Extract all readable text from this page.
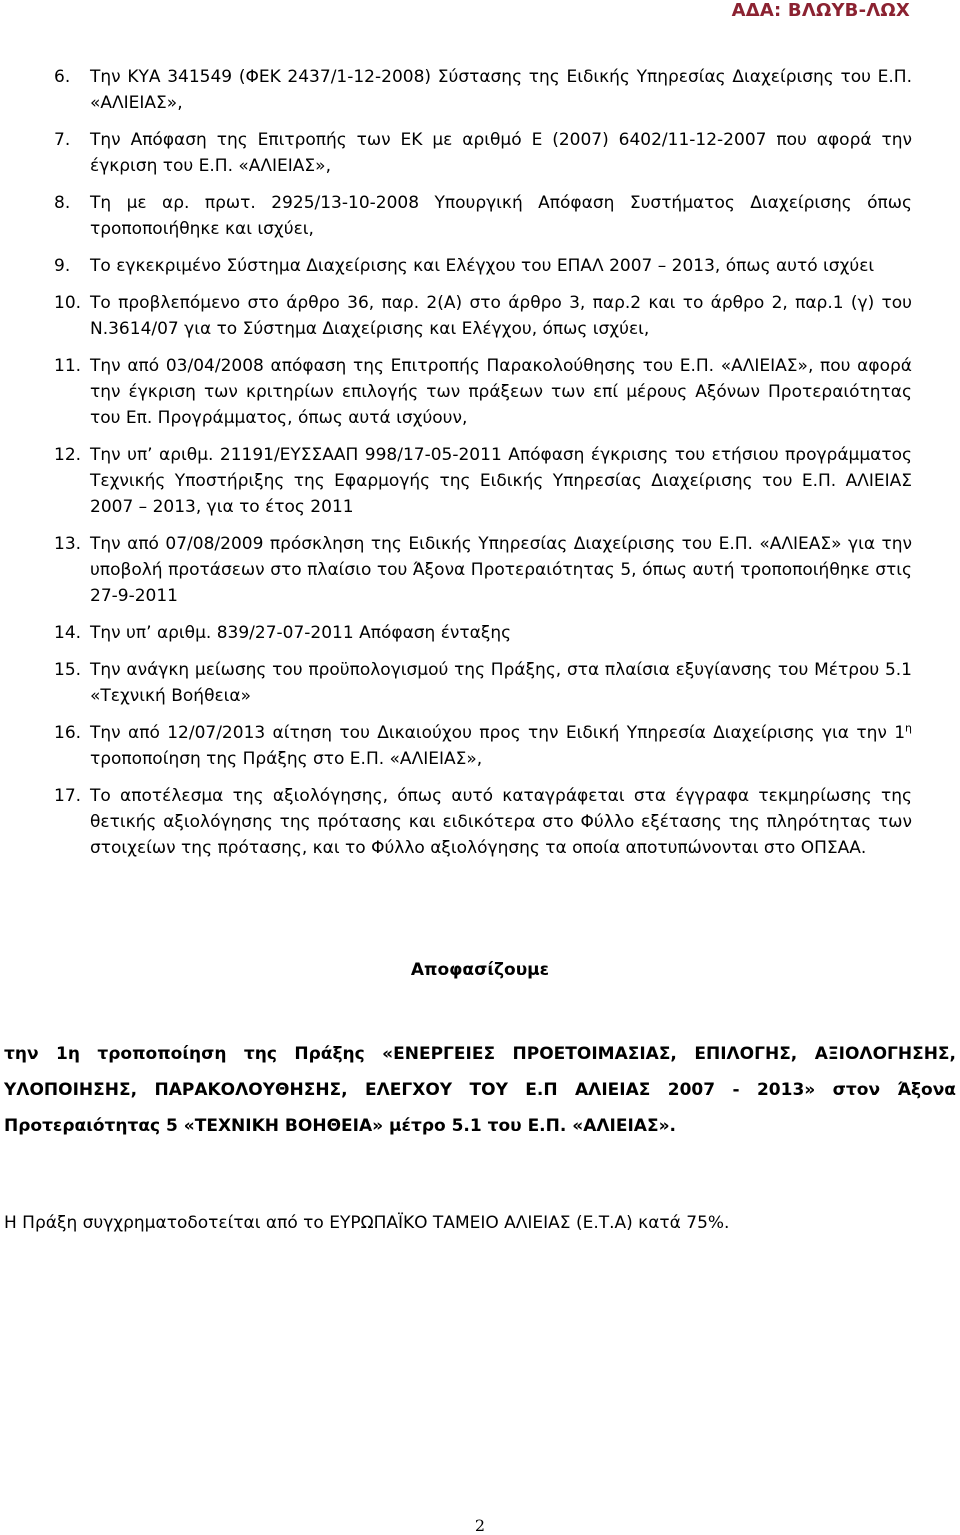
ΑΔΑ: ΒΛΩΥΒ-ΛΩΧ
6.	Την ΚΥΑ 341549 (ΦΕΚ 2437/1-12-2008) Σύστασης της Ειδικής Υπηρεσίας Διαχείρισης του Ε.Π. «ΑΛΙΕΙΑΣ»,
7.	Την Απόφαση της Επιτροπής των ΕΚ με αριθμό Ε (2007) 6402/11-12-2007 που αφορά την έγκριση του Ε.Π. «ΑΛΙΕΙΑΣ»,
8.	Τη με αρ. πρωτ. 2925/13-10-2008 Υπουργική Απόφαση Συστήματος Διαχείρισης όπως τροποποιήθηκε και ισχύει,
9.	Το εγκεκριμένο Σύστημα Διαχείρισης και Ελέγχου του ΕΠΑΛ 2007 – 2013, όπως αυτό ισχύει
10. Το προβλεπόμενο στο άρθρο 36, παρ. 2(Α) στο άρθρο 3, παρ.2 και το άρθρο 2, παρ.1 (γ) του Ν.3614/07 για το Σύστημα Διαχείρισης και Ελέγχου, όπως ισχύει,
11. Την από 03/04/2008 απόφαση της Επιτροπής Παρακολούθησης του Ε.Π. «ΑΛΙΕΙΑΣ», που αφορά την έγκριση των κριτηρίων επιλογής των πράξεων των επί μέρους Αξόνων Προτεραιότητας του Επ. Προγράμματος, όπως αυτά ισχύουν,
12. Την υπ’ αριθμ. 21191/ΕΥΣΣΑΑΠ 998/17-05-2011 Απόφαση έγκρισης του ετήσιου προγράμματος Τεχνικής Υποστήριξης της Εφαρμογής της Ειδικής Υπηρεσίας Διαχείρισης του Ε.Π. ΑΛΙΕΙΑΣ 2007 – 2013, για το έτος 2011
13. Την από 07/08/2009 πρόσκληση της Ειδικής Υπηρεσίας Διαχείρισης του Ε.Π. «ΑΛΙΕΑΣ» για την υποβολή προτάσεων στο πλαίσιο του Άξονα Προτεραιότητας 5, όπως αυτή τροποποιήθηκε στις 27-9-2011
14. Την υπ’ αριθμ. 839/27-07-2011 Απόφαση ένταξης
15. Την ανάγκη μείωσης του προϋπολογισμού της Πράξης, στα πλαίσια εξυγίανσης του Μέτρου 5.1 «Τεχνική Βοήθεια»
16. Την από 12/07/2013 αίτηση του Δικαιούχου προς την Ειδική Υπηρεσία Διαχείρισης για την $1^\eta$ τροποποίηση της Πράξης στο Ε.Π. «ΑΛΙΕΙΑΣ»,
17. Το αποτέλεσμα της αξιολόγησης, όπως αυτό καταγράφεται στα έγγραφα τεκμηρίωσης της θετικής αξιολόγησης της πρότασης και ειδικότερα στο Φύλλο εξέτασης της πληρότητας των στοιχείων της πρότασης, και το Φύλλο αξιολόγησης τα οποία αποτυπώνονται στο ΟΠΣΑΑ.
Αποφασίζουμε

την 1η τροποποίηση της Πράξης «ΕΝΕΡΓΕΙΕΣ ΠΡΟΕΤΟΙΜΑΣΙΑΣ, ΕΠΙΛΟΓΗΣ, ΑΞΙΟΛΟΓΗΣΗΣ, ΥΛΟΠΟΙΗΣΗΣ, ΠΑΡΑΚΟΛΟΥΘΗΣΗΣ, ΕΛΕΓΧΟΥ ΤΟΥ Ε.Π ΑΛΙΕΙΑΣ 2007 - 2013» στον Άξονα Προτεραιότητας 5 «ΤΕΧΝΙΚΗ ΒΟΗΘΕΙΑ» μέτρο 5.1 του Ε.Π. «ΑΛΙΕΙΑΣ».

Η Πράξη συγχρηματοδοτείται από το ΕΥΡΩΠΑΪΚΟ ΤΑΜΕΙΟ ΑΛΙΕΙΑΣ (Ε.Τ.Α) κατά 75%.

2
